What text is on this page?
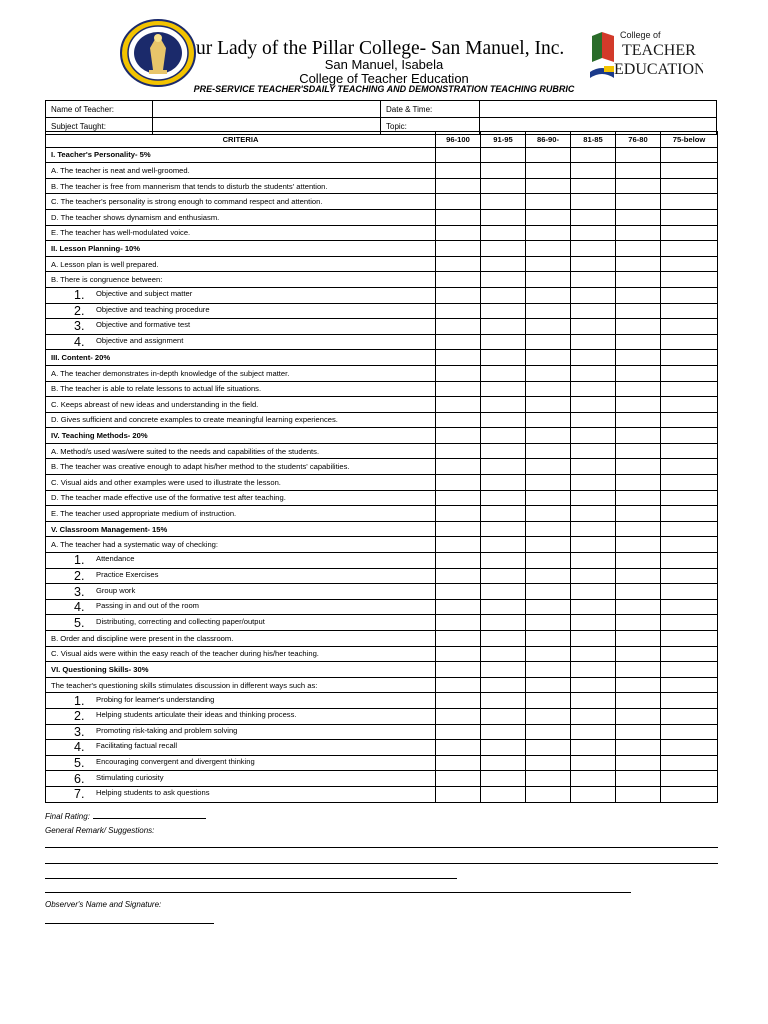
ur Lady of the Pillar College- San Manuel, Inc.
College of
TEACHER
EDUCATION
San Manuel, Isabela
College of Teacher Education
PRE-SERVICE TEACHER'SDAILY TEACHING AND DEMONSTRATION TEACHING RUBRIC
Name of Teacher:		Date & Time:	
Subject Taught:		Topic:	
CRITERIA	96-100	91-95	86-90-	81-85	76-80	75-below
I. Teacher's Personality- 5%						
A. The teacher is neat and well-groomed.						
B. The teacher is free from mannerism that tends to disturb the students' attention.						
C. The teacher's personality is strong enough to command respect and attention.						
D. The teacher shows dynamism and enthusiasm.						
E. The teacher has well-modulated voice.						
II. Lesson Planning- 10%						
A. Lesson plan is well prepared.						
B. There is congruence between:						
1. Objective and subject matter						
2. Objective and teaching procedure						
3. Objective and formative test						
4. Objective and assignment						
III. Content- 20%						
A. The teacher demonstrates in-depth knowledge of the subject matter.						
B. The teacher is able to relate lessons to actual life situations.						
C. Keeps abreast of new ideas and understanding in the field.						
D. Gives sufficient and concrete examples to create meaningful learning experiences.						
IV. Teaching Methods- 20%						
A. Method/s used was/were suited to the needs and capabilities of the students.						
B. The teacher was creative enough to adapt his/her method to the students' capabilities.						
C. Visual aids and other examples were used to illustrate the lesson.						
D. The teacher made effective use of the formative test after teaching.						
E. The teacher used appropriate medium of instruction.						
V. Classroom Management- 15%						
A. The teacher had a systematic way of checking:						
1. Attendance						
2. Practice Exercises						
3. Group work						
4. Passing in and out of the room						
5. Distributing, correcting and collecting paper/output						
B. Order and discipline were present in the classroom.						
C. Visual aids were within the easy reach of the teacher during his/her teaching.						
VI. Questioning Skills- 30%						
The teacher's questioning skills stimulates discussion in different ways such as:						
1. Probing for learner's understanding						
2. Helping students articulate their ideas and thinking process.						
3. Promoting risk-taking and problem solving						
4. Facilitating factual recall						
5. Encouraging convergent and divergent thinking						
6. Stimulating curiosity						
7. Helping students to ask questions						
Final Rating:
General Remark/ Suggestions:
Observer's Name and Signature:
